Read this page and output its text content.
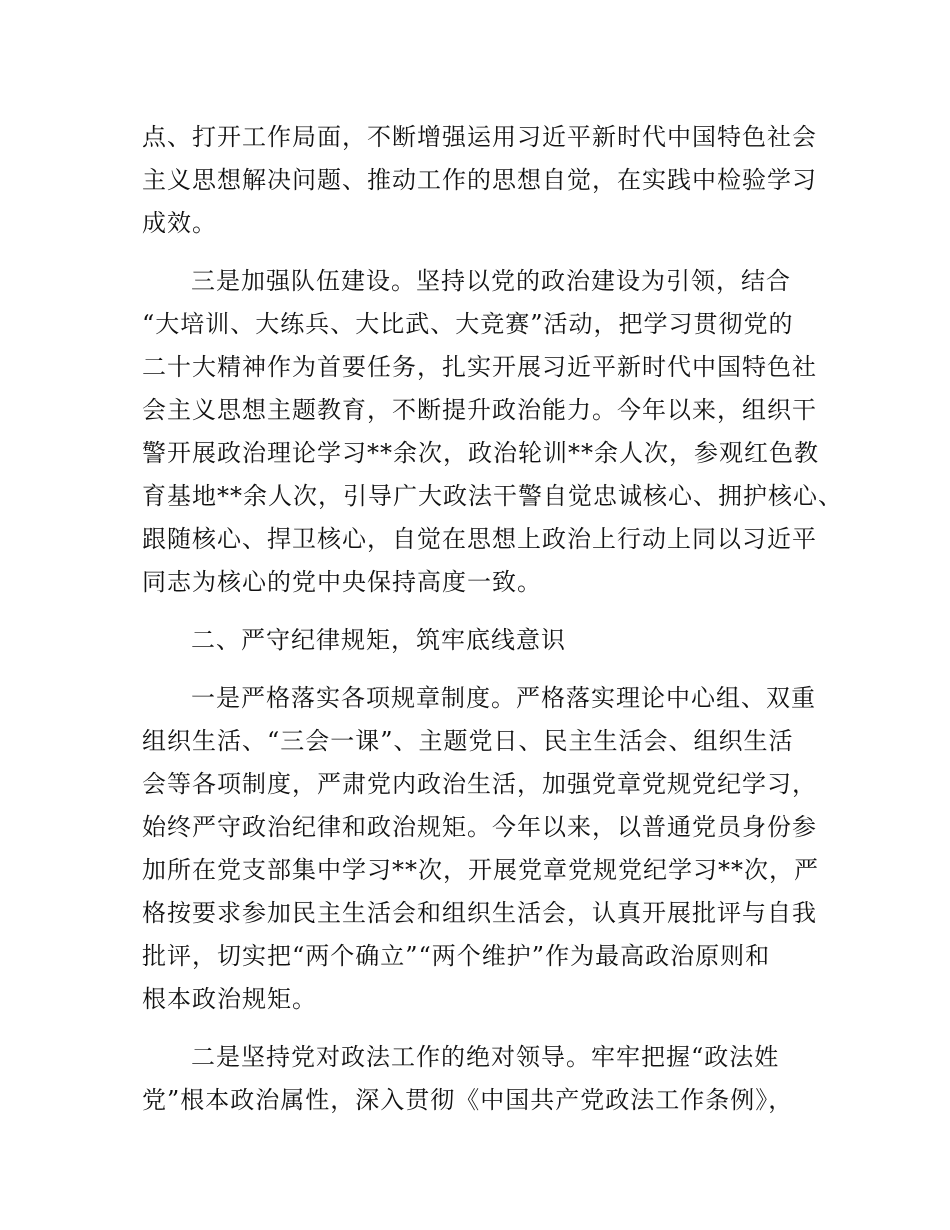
点、打开工作局面，不断增强运用习近平新时代中国特色社会
主义思想解决问题、推动工作的思想自觉，在实践中检验学习
成效。
三是加强队伍建设。坚持以党的政治建设为引领，结合
“大培训、大练兵、大比武、大竞赛”活动，把学习贯彻党的
二十大精神作为首要任务，扎实开展习近平新时代中国特色社
会主义思想主题教育，不断提升政治能力。今年以来，组织干
警开展政治理论学习**余次，政治轮训**余人次，参观红色教
育基地**余人次，引导广大政法干警自觉忠诚核心、拥护核心、
跟随核心、捍卫核心，自觉在思想上政治上行动上同以习近平
同志为核心的党中央保持高度一致。
二、严守纪律规矩，筑牢底线意识
一是严格落实各项规章制度。严格落实理论中心组、双重
组织生活、“三会一课”、主题党日、民主生活会、组织生活
会等各项制度，严肃党内政治生活，加强党章党规党纪学习，
始终严守政治纪律和政治规矩。今年以来，以普通党员身份参
加所在党支部集中学习**次，开展党章党规党纪学习**次，严
格按要求参加民主生活会和组织生活会，认真开展批评与自我
批评，切实把“两个确立”“两个维护”作为最高政治原则和
根本政治规矩。
二是坚持党对政法工作的绝对领导。牢牢把握“政法姓
党”根本政治属性，深入贯彻《中国共产党政法工作条例》，
